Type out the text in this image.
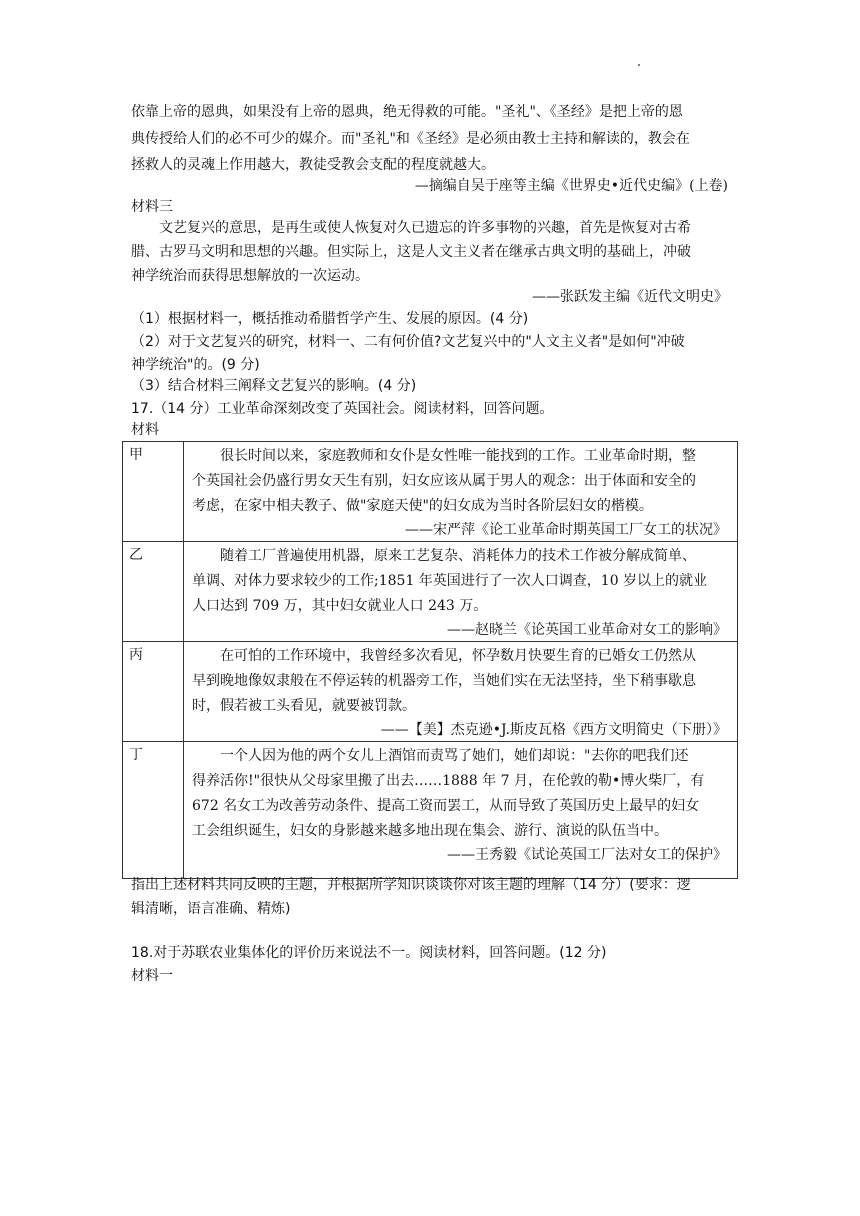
依靠上帝的恩典，如果没有上帝的恩典，绝无得救的可能。"圣礼"、《圣经》是把上帝的恩
典传授给人们的必不可少的媒介。而"圣礼"和《圣经》是必须由教士主持和解读的，教会在
拯救人的灵魂上作用越大，教徒受教会支配的程度就越大。
—摘编自吴于座等主编《世界史•近代史编》(上卷)
材料三
文艺复兴的意思，是再生或使人恢复对久已遗忘的许多事物的兴趣，首先是恢复对古希
腊、古罗马文明和思想的兴趣。但实际上，这是人文主义者在继承古典文明的基础上，冲破
神学统治而获得思想解放的一次运动。
——张跃发主编《近代文明史》
（1）根据材料一，概括推动希腊哲学产生、发展的原因。(4 分)
（2）对于文艺复兴的研究，材料一、二有何价值?文艺复兴中的"人文主义者"是如何"冲破
神学统治"的。(9 分)
（3）结合材料三阐释文艺复兴的影响。(4 分)
17.（14 分）工业革命深刻改变了英国社会。阅读材料，回答问题。
材料
甲	很长时间以来，家庭教师和女仆是女性唯一能找到的工作。工业革命时期，整
个英国社会仍盛行男女天生有别，妇女应该从属于男人的观念：出于体面和安全的
考虑，在家中相夫教子、做"家庭天使"的妇女成为当时各阶层妇女的楷模。
——宋严萍《论工业革命时期英国工厂女工的状况》

乙	随着工厂普遍使用机器，原来工艺复杂、消耗体力的技术工作被分解成简单、
单调、对体力要求较少的工作;1851 年英国进行了一次人口调查，10 岁以上的就业
人口达到 709 万，其中妇女就业人口 243 万。
——赵晓兰《论英国工业革命对女工的影响》

丙	在可怕的工作环境中，我曾经多次看见，怀孕数月快要生育的已婚女工仍然从
早到晚地像奴隶般在不停运转的机器旁工作，当她们实在无法坚持，坐下稍事歇息
时，假若被工头看见，就要被罚款。
——【美】杰克逊•J.斯皮瓦格《西方文明简史（下册）》

丁	一个人因为他的两个女儿上酒馆而责骂了她们，她们却说："去你的吧我们还
得养活你!"很快从父母家里搬了出去……1888 年 7 月，在伦敦的勒•博火柴厂，有
672 名女工为改善劳动条件、提高工资而罢工，从而导致了英国历史上最早的妇女
工会组织诞生，妇女的身影越来越多地出现在集会、游行、演说的队伍当中。
——王秀毅《试论英国工厂法对女工的保护》
指出上述材料共同反映的主题，并根据所学知识谈谈你对该主题的理解（14 分）(要求：逻
辑清晰，语言准确、精炼)
18.对于苏联农业集体化的评价历来说法不一。阅读材料，回答问题。(12 分)
材料一
